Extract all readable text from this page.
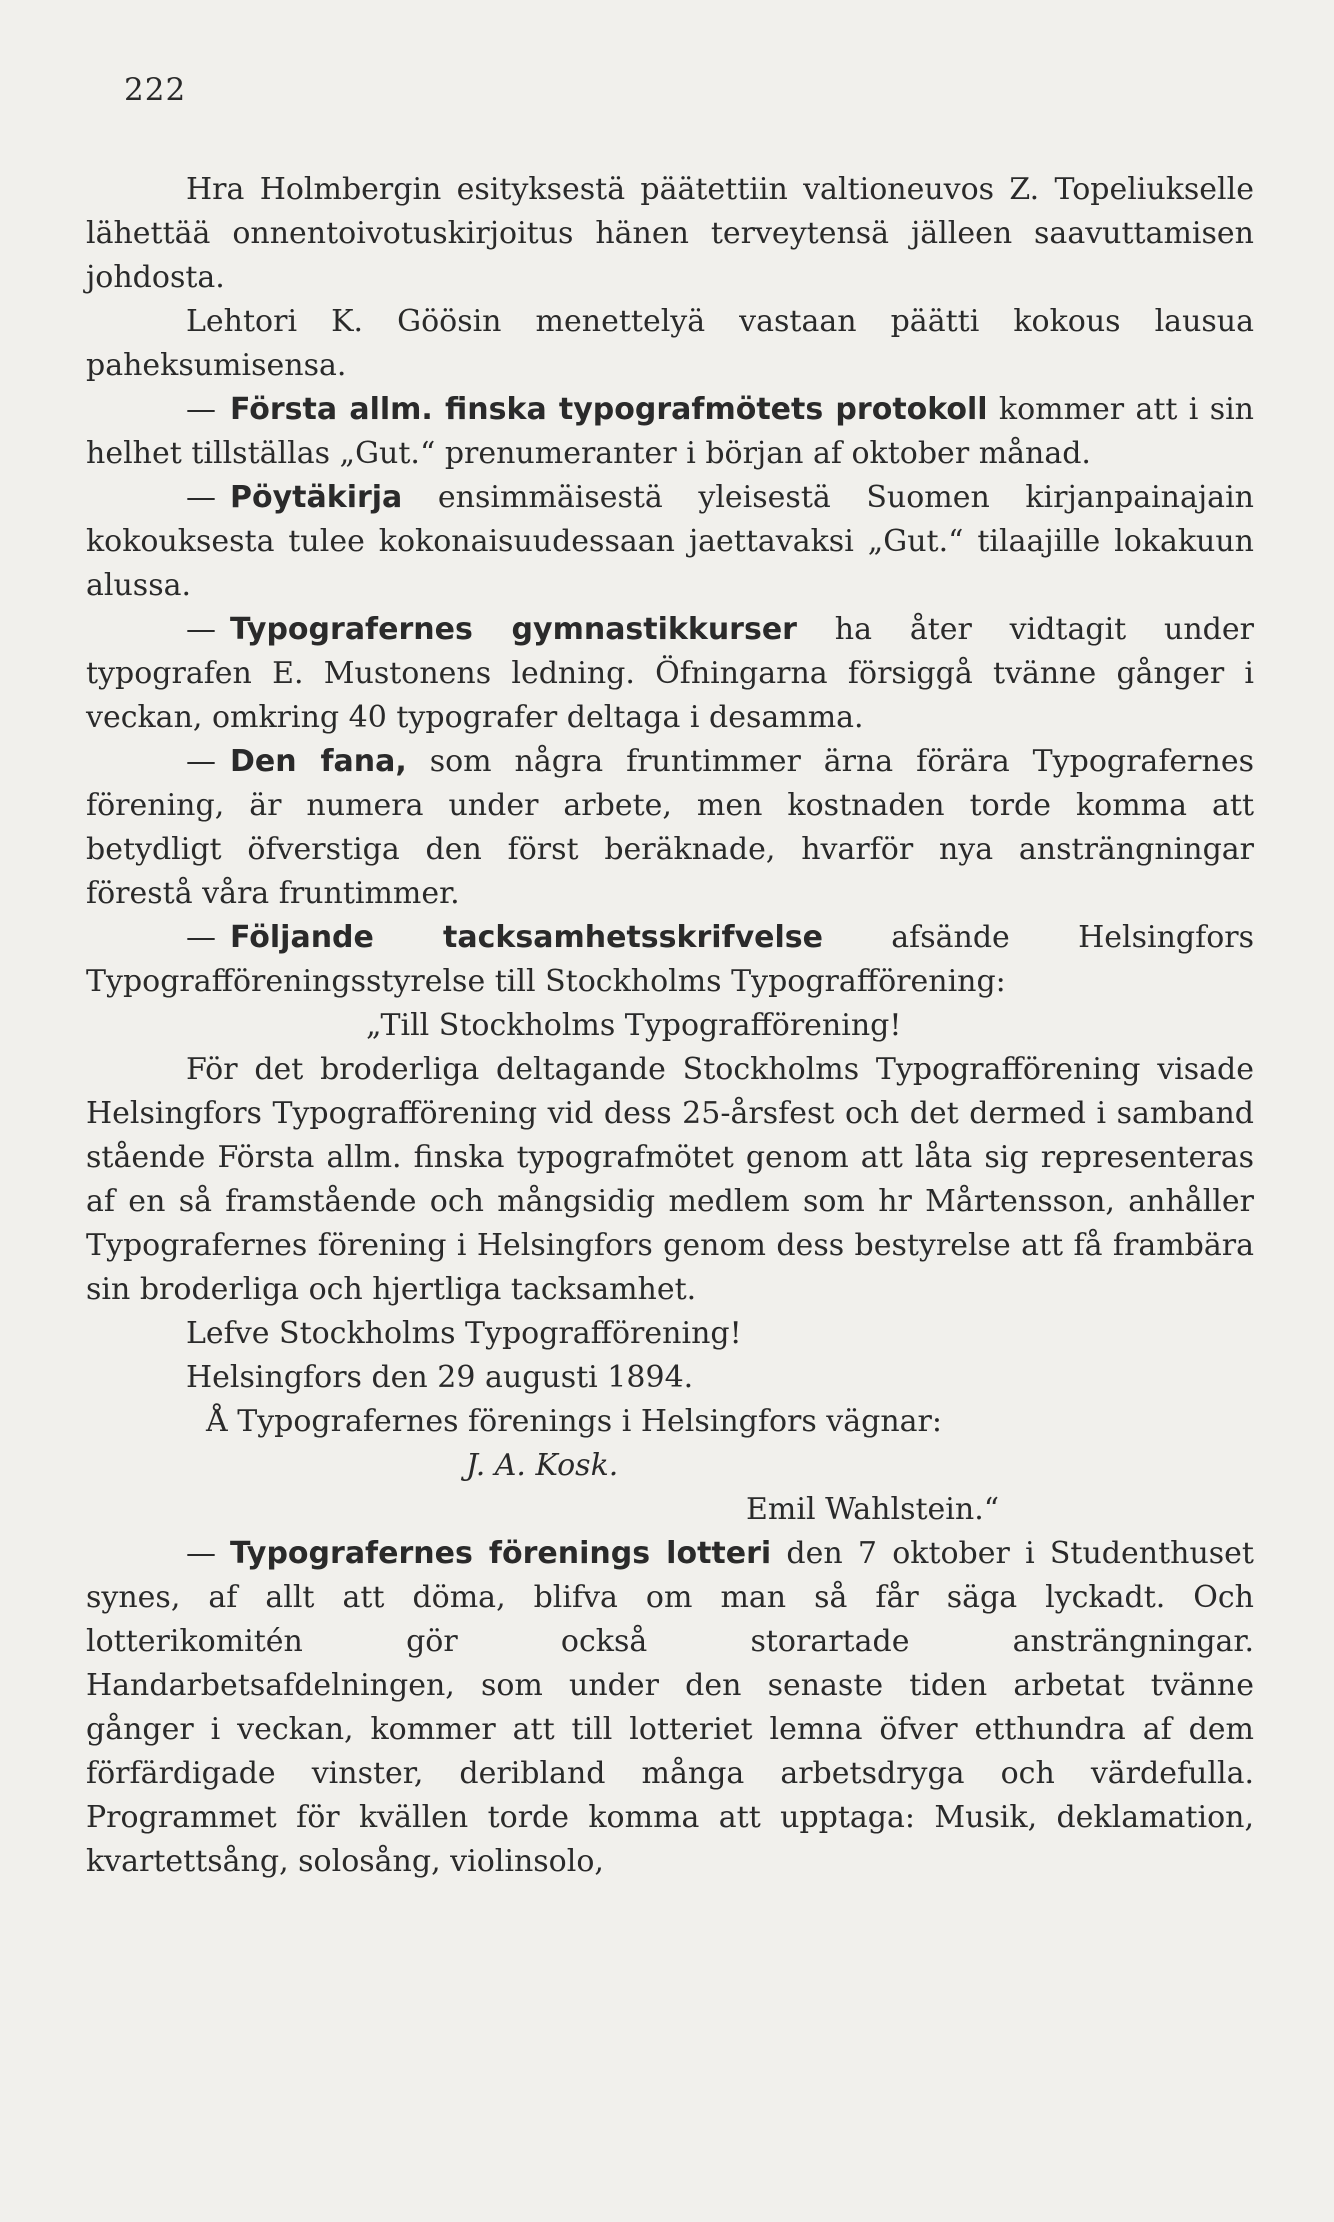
222

Hra Holmbergin esityksestä päätettiin valtioneuvos Z. Topeliukselle lähettää onnentoivotuskirjoitus hänen terveytensä jälleen saavuttamisen johdosta.

Lehtori K. Göösin menettelyä vastaan päätti kokous lausua paheksumisensa.

— Första allm. finska typografmötets protokoll kommer att i sin helhet tillställas „Gut.“ prenumeranter i början af oktober månad.

— Pöytäkirja ensimmäisestä yleisestä Suomen kirjanpainajain kokouksesta tulee kokonaisuudessaan jaettavaksi „Gut.“ tilaajille lokakuun alussa.

— Typografernes gymnastikkurser ha åter vidtagit under typografen E. Mustonens ledning. Öfningarna försiggå tvänne gånger i veckan, omkring 40 typografer deltaga i desamma.

— Den fana, som några fruntimmer ärna förära Typografernes förening, är numera under arbete, men kostnaden torde komma att betydligt öfverstiga den först beräknade, hvarför nya ansträngningar förestå våra fruntimmer.

— Följande tacksamhetsskrifvelse afsände Helsingfors Typografföreningsstyrelse till Stockholms Typografförening:

„Till Stockholms Typografförening!

För det broderliga deltagande Stockholms Typografförening visade Helsingfors Typografförening vid dess 25-årsfest och det dermed i samband stående Första allm. finska typografmötet genom att låta sig representeras af en så framstående och mångsidig medlem som hr Mårtensson, anhåller Typografernes förening i Helsingfors genom dess bestyrelse att få frambära sin broderliga och hjertliga tacksamhet.

Lefve Stockholms Typografförening!

Helsingfors den 29 augusti 1894.

Å Typografernes förenings i Helsingfors vägnar:

J. A. Kosk.

Emil Wahlstein.“

— Typografernes förenings lotteri den 7 oktober i Studenthuset synes, af allt att döma, blifva om man så får säga lyckadt. Och lotterikomitén gör också storartade ansträngningar. Handarbetsafdelningen, som under den senaste tiden arbetat tvänne gånger i veckan, kommer att till lotteriet lemna öfver etthundra af dem förfärdigade vinster, deribland många arbetsdryga och värdefulla. Programmet för kvällen torde komma att upptaga: Musik, deklamation, kvartettsång, solosång, violinsolo,
